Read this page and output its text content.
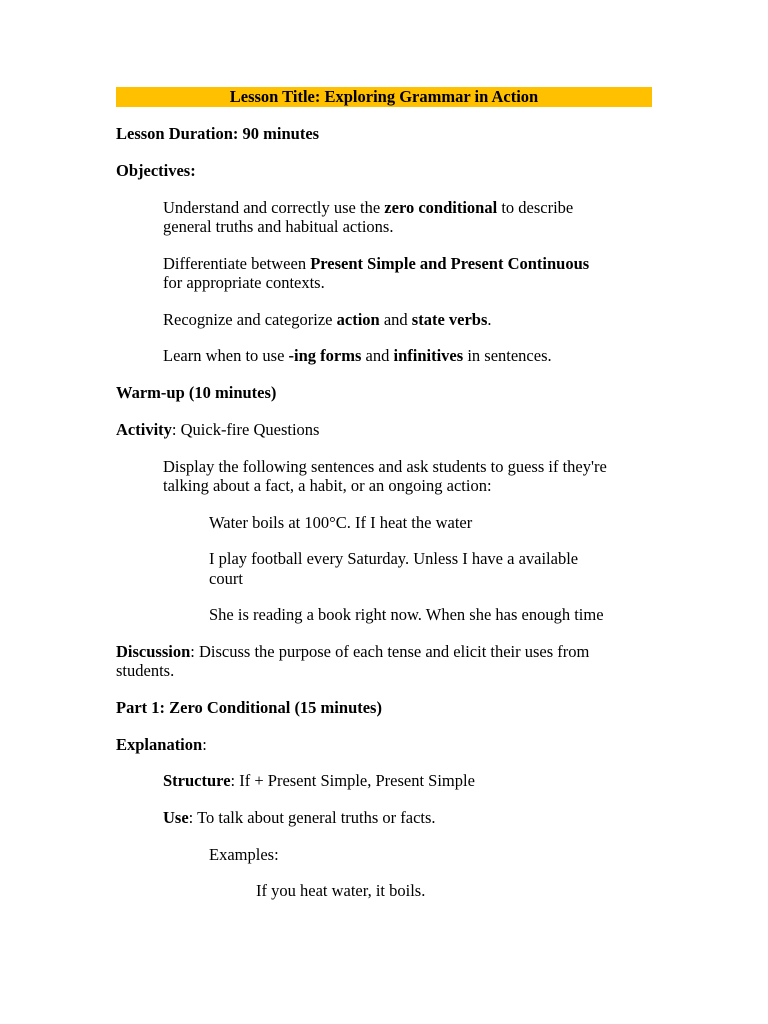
Lesson Title: Exploring Grammar in Action
Lesson Duration: 90 minutes
Objectives:
Understand and correctly use the zero conditional to describe
general truths and habitual actions.
Differentiate between Present Simple and Present Continuous
for appropriate contexts.
Recognize and categorize action and state verbs.
Learn when to use -ing forms and infinitives in sentences.
Warm-up (10 minutes)
Activity: Quick-fire Questions
Display the following sentences and ask students to guess if they're
talking about a fact, a habit, or an ongoing action:
Water boils at 100°C. If I heat the water
I play football every Saturday. Unless I have a available
court
She is reading a book right now. When she has enough time
Discussion: Discuss the purpose of each tense and elicit their uses from
students.
Part 1: Zero Conditional (15 minutes)
Explanation:
Structure: If + Present Simple, Present Simple
Use: To talk about general truths or facts.
Examples:
If you heat water, it boils.
